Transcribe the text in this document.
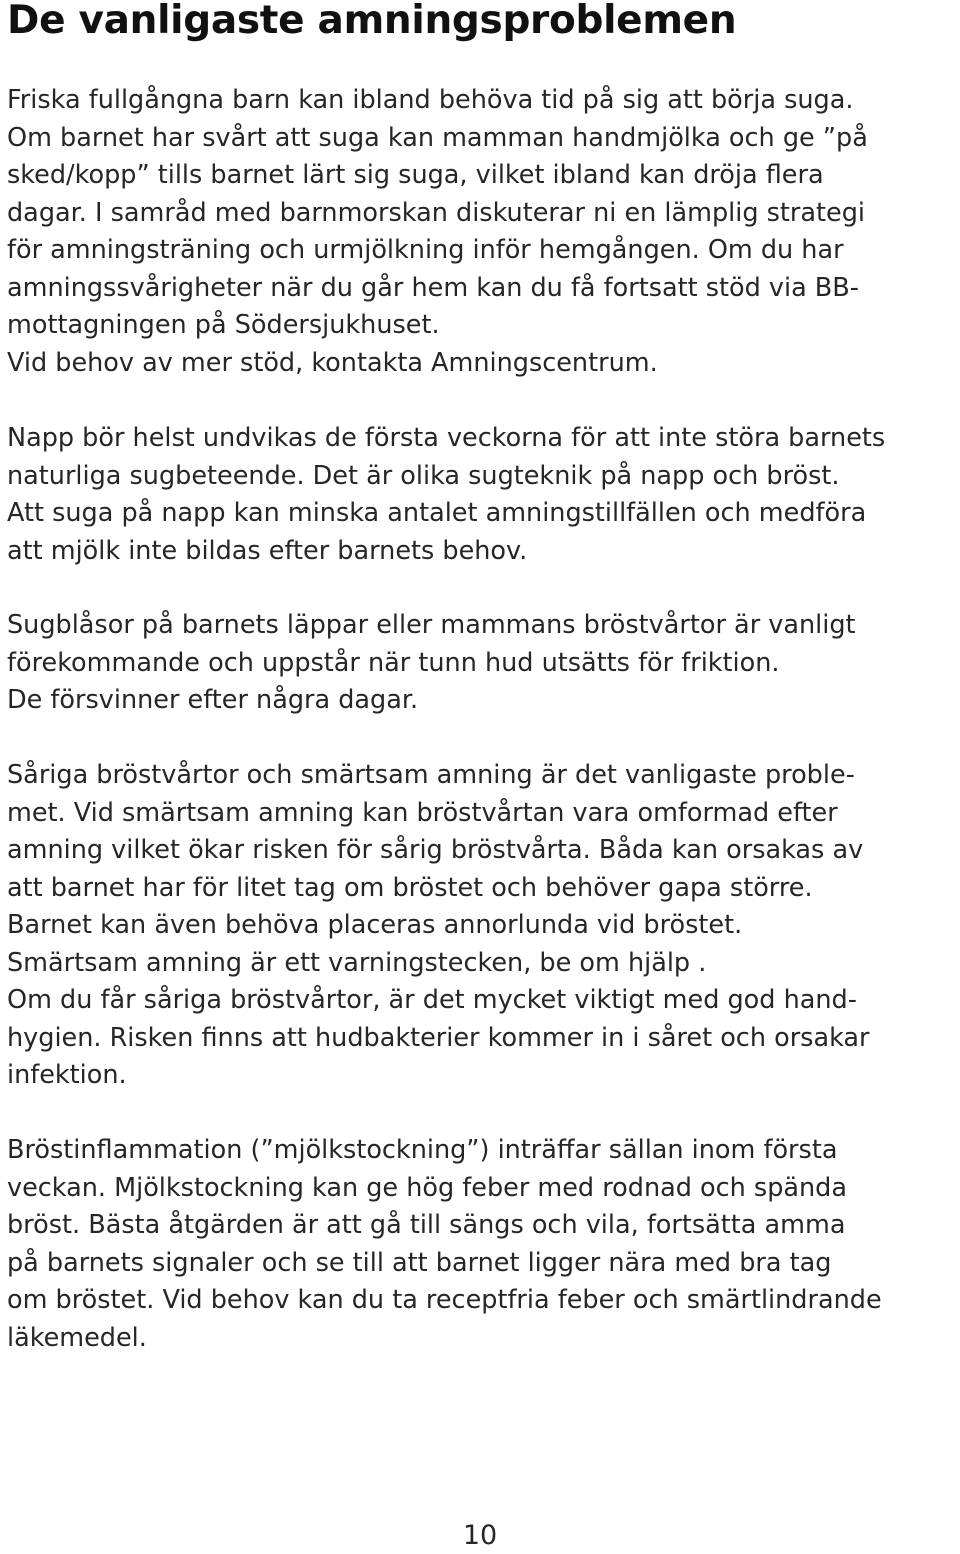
De vanligaste amningsproblemen
Friska fullgångna barn kan ibland behöva tid på sig att börja suga.
Om barnet har svårt att suga kan mamman handmjölka och ge ”på
sked/kopp” tills barnet lärt sig suga, vilket ibland kan dröja flera
dagar. I samråd med barnmorskan diskuterar ni en lämplig strategi
för amningsträning och urmjölkning inför hemgången. Om du har
amningssvårigheter när du går hem kan du få fortsatt stöd via BB-
mottagningen på Södersjukhuset.
Vid behov av mer stöd, kontakta Amningscentrum.
Napp bör helst undvikas de första veckorna för att inte störa barnets
naturliga sugbeteende. Det är olika sugteknik på napp och bröst.
Att suga på napp kan minska antalet amningstillfällen och medföra
att mjölk inte bildas efter barnets behov.
Sugblåsor på barnets läppar eller mammans bröstvårtor är vanligt
förekommande och uppstår när tunn hud utsätts för friktion.
De försvinner efter några dagar.
Såriga bröstvårtor och smärtsam amning är det vanligaste proble-
met. Vid smärtsam amning kan bröstvårtan vara omformad efter
amning vilket ökar risken för sårig bröstvårta. Båda kan orsakas av
att barnet har för litet tag om bröstet och behöver gapa större.
Barnet kan även behöva placeras annorlunda vid bröstet.
Smärtsam amning är ett varningstecken, be om hjälp .
Om du får såriga bröstvårtor, är det mycket viktigt med god hand-
hygien. Risken finns att hudbakterier kommer in i såret och orsakar
infektion.
Bröstinflammation (”mjölkstockning”) inträffar sällan inom första
veckan. Mjölkstockning kan ge hög feber med rodnad och spända
bröst. Bästa åtgärden är att gå till sängs och vila, fortsätta amma
på barnets signaler och se till att barnet ligger nära med bra tag
om bröstet. Vid behov kan du ta receptfria feber och smärtlindrande
läkemedel.
10
